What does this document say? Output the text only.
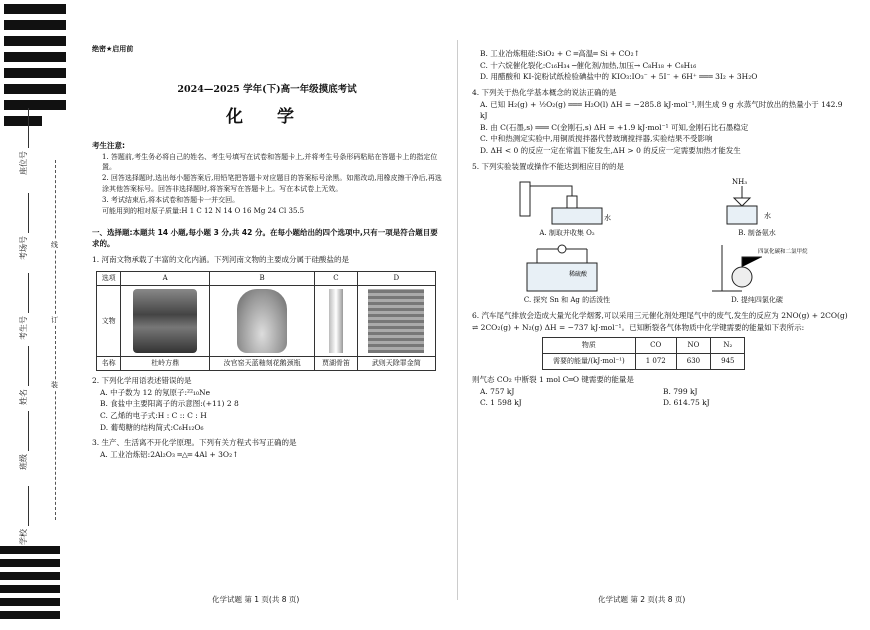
座位号
考场号
考生号
姓名
班级
学校
线
订
装
绝密★启用前
2024—2025 学年(下)高一年级摸底考试
化 学
考生注意:
1. 答题前,考生务必将自己的姓名、考生号填写在试卷和答题卡上,并将考生号条形码粘贴在答题卡上的指定位置。
2. 回答选择题时,选出每小题答案后,用铅笔把答题卡对应题目的答案标号涂黑。如需改动,用橡皮擦干净后,再选涂其他答案标号。回答非选择题时,将答案写在答题卡上。写在本试卷上无效。
3. 考试结束后,将本试卷和答题卡一并交回。
可能用到的相对原子质量:H 1 C 12 N 14 O 16 Mg 24 Cl 35.5
一、选择题:本题共 14 小题,每小题 3 分,共 42 分。在每小题给出的四个选项中,只有一项是符合题目要求的。
1. 河南文物承载了丰富的文化内涵。下列河南文物的主要成分属于硅酸盐的是
选项	A	B	C	D
文物	

名称	杜岭方鼎	汝官窑天蓝釉刻花鹅颈瓶	贾湖骨笛	武则天除罪金简
2. 下列化学用语表述错误的是
A. 中子数为 12 的氖原子:²²₁₀Ne
B. 食盐中主要阳离子的示意图:(+11) 2 8
C. 乙烯的电子式:H : C :: C : H
D. 葡萄糖的结构简式:C₆H₁₂O₆
3. 生产、生活离不开化学原理。下列有关方程式书写正确的是
A. 工业冶炼铝:2Al₂O₃ ═△═ 4Al + 3O₂↑
化学试题 第 1 页(共 8 页)
B. 工业冶炼粗硅:SiO₂ + C ═高温═ Si + CO₂↑
C. 十六烷催化裂化:C₁₆H₃₄ ─催化剂/加热,加压→ C₈H₁₈ + C₈H₁₆
D. 用醋酸和 KI-淀粉试纸检验碘盐中的 KIO₃:IO₃⁻ + 5I⁻ + 6H⁺ ═══ 3I₂ + 3H₂O
4. 下列关于热化学基本概念的说法正确的是
A. 已知 H₂(g) + ½O₂(g) ═══ H₂O(l) ΔH = −285.8 kJ·mol⁻¹,则生成 9 g 水蒸气时放出的热量小于 142.9 kJ
B. 由 C(石墨,s) ═══ C(金刚石,s) ΔH = +1.9 kJ·mol⁻¹ 可知,金刚石比石墨稳定
C. 中和热测定实验中,用铜质搅拌器代替玻璃搅拌器,实验结果不受影响
D. ΔH < 0 的反应一定在常温下能发生,ΔH > 0 的反应一定需要加热才能发生
5. 下列实验装置或操作不能达到相应目的的是
水
A. 制取并收集 O₂
NH₃
水
B. 制备氨水
稀硫酸
C. 探究 Sn 和 Ag 的活泼性
四氯化碳和二氯甲烷
D. 提纯四氯化碳
6. 汽车尾气排放会造成大量光化学烟雾,可以采用三元催化剂处理尾气中的废气,发生的反应为 2NO(g) + 2CO(g) ⇌ 2CO₂(g) + N₂(g) ΔH = −737 kJ·mol⁻¹。已知断裂各气体物质中化学键需要的能量如下表所示:
物质	CO	NO	N₂
需要的能量/(kJ·mol⁻¹)	1 072	630	945
则气态 CO₂ 中断裂 1 mol C═O 键需要的能量是
A. 757 kJ	B. 799 kJ
C. 1 598 kJ	D. 614.75 kJ
化学试题 第 2 页(共 8 页)
